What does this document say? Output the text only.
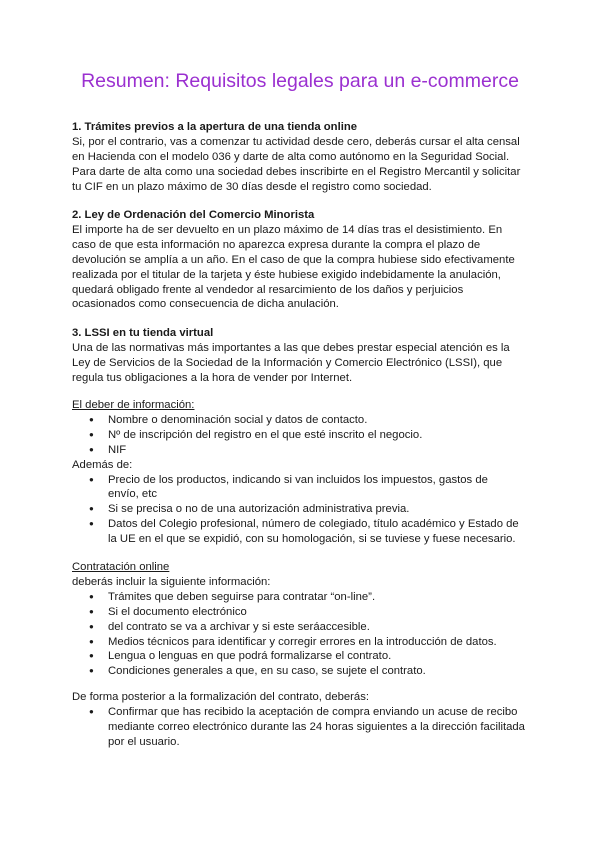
Resumen: Requisitos legales para un e-commerce

1. Trámites previos a la apertura de una tienda online

Si, por el contrario, vas a comenzar tu actividad desde cero, deberás cursar el alta censal en Hacienda con el modelo 036 y darte de alta como autónomo en la Seguridad Social. Para darte de alta como una sociedad debes inscribirte en el Registro Mercantil y solicitar tu CIF en un plazo máximo de 30 días desde el registro como sociedad.

2. Ley de Ordenación del Comercio Minorista

El importe ha de ser devuelto en un plazo máximo de 14 días tras el desistimiento. En caso de que esta información no aparezca expresa durante la compra el plazo de devolución se amplía a un año. En el caso de que la compra hubiese sido efectivamente realizada por el titular de la tarjeta y éste hubiese exigido indebidamente la anulación, quedará obligado frente al vendedor al resarcimiento de los daños y perjuicios ocasionados como consecuencia de dicha anulación.

3. LSSI en tu tienda virtual

Una de las normativas más importantes a las que debes prestar especial atención es la Ley de Servicios de la Sociedad de la Información y Comercio Electrónico (LSSI), que regula tus obligaciones a la hora de vender por Internet.

El deber de información:

● Nombre o denominación social y datos de contacto.
● Nº de inscripción del registro en el que esté inscrito el negocio.
● NIF

Además de:

● Precio de los productos, indicando si van incluidos los impuestos, gastos de envío, etc
● Si se precisa o no de una autorización administrativa previa.
● Datos del Colegio profesional, número de colegiado, título académico y Estado de la UE en el que se expidió, con su homologación, si se tuviese y fuese necesario.

Contratación online

deberás incluir la siguiente información:

● Trámites que deben seguirse para contratar “on-line”.
● Si el documento electrónico
● del contrato se va a archivar y si este seráaccesible.
● Medios técnicos para identificar y corregir errores en la introducción de datos.
● Lengua o lenguas en que podrá formalizarse el contrato.
● Condiciones generales a que, en su caso, se sujete el contrato.

De forma posterior a la formalización del contrato, deberás:

● Confirmar que has recibido la aceptación de compra enviando un acuse de recibo mediante correo electrónico durante las 24 horas siguientes a la dirección facilitada por el usuario.
